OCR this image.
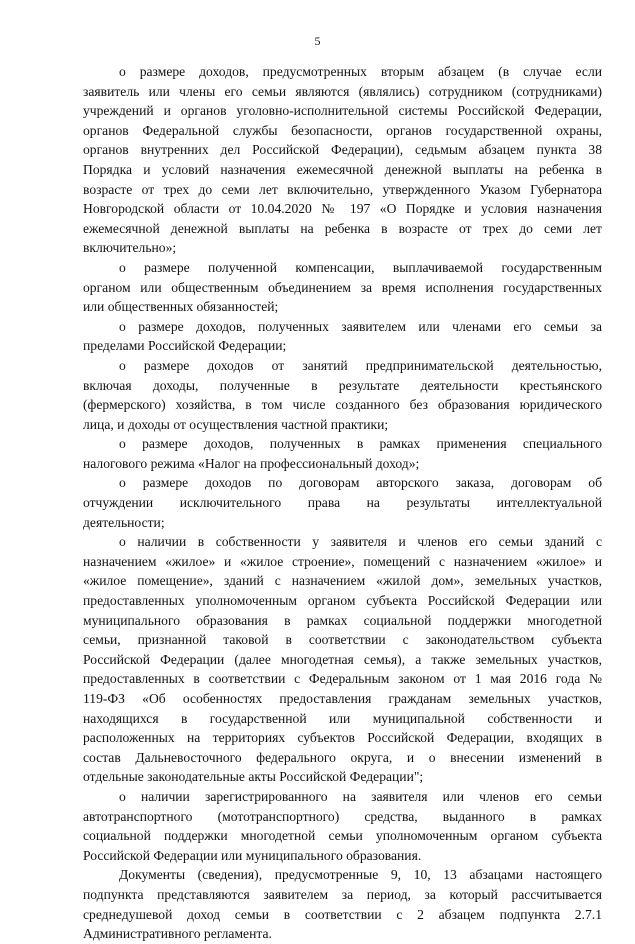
5

о размере доходов, предусмотренных вторым абзацем (в случае если
заявитель или члены его семьи являются (являлись) сотрудником (сотрудниками)
учреждений и органов уголовно-исполнительной системы Российской Федерации,
органов Федеральной службы безопасности, органов государственной охраны,
органов внутренних дел Российской Федерации), седьмым абзацем пункта 38
Порядка и условий назначения ежемесячной денежной выплаты на ребенка в
возрасте от трех до семи лет включительно, утвержденного Указом Губернатора
Новгородской области от 10.04.2020 № 197 «О Порядке и условия назначения
ежемесячной денежной выплаты на ребенка в возрасте от трех до семи лет
включительно»;

о размере полученной компенсации, выплачиваемой государственным
органом или общественным объединением за время исполнения государственных
или общественных обязанностей;

о размере доходов, полученных заявителем или членами его семьи за
пределами Российской Федерации;

о размере доходов от занятий предпринимательской деятельностью,
включая доходы, полученные в результате деятельности крестьянского
(фермерского) хозяйства, в том числе созданного без образования юридического
лица, и доходы от осуществления частной практики;

о размере доходов, полученных в рамках применения специального
налогового режима «Налог на профессиональный доход»;

о размере доходов по договорам авторского заказа, договорам об
отчуждении исключительного права на результаты интеллектуальной
деятельности;

о наличии в собственности у заявителя и членов его семьи зданий с
назначением «жилое» и «жилое строение», помещений с назначением «жилое» и
«жилое помещение», зданий с назначением «жилой дом», земельных участков,
предоставленных уполномоченным органом субъекта Российской Федерации или
муниципального образования в рамках социальной поддержки многодетной
семьи, признанной таковой в соответствии с законодательством субъекта
Российской Федерации (далее многодетная семья), а также земельных участков,
предоставленных в соответствии с Федеральным законом от 1 мая 2016 года №
119-ФЗ «Об особенностях предоставления гражданам земельных участков,
находящихся в государственной или муниципальной собственности и
расположенных на территориях субъектов Российской Федерации, входящих в
состав Дальневосточного федерального округа, и о внесении изменений в
отдельные законодательные акты Российской Федерации";

о наличии зарегистрированного на заявителя или членов его семьи
автотранспортного (мототранспортного) средства, выданного в рамках
социальной поддержки многодетной семьи уполномоченным органом субъекта
Российской Федерации или муниципального образования.

Документы (сведения), предусмотренные 9, 10, 13 абзацами настоящего
подпункта представляются заявителем за период, за который рассчитывается
среднедушевой доход семьи в соответствии с 2 абзацем подпункта 2.7.1
Административного регламента.
